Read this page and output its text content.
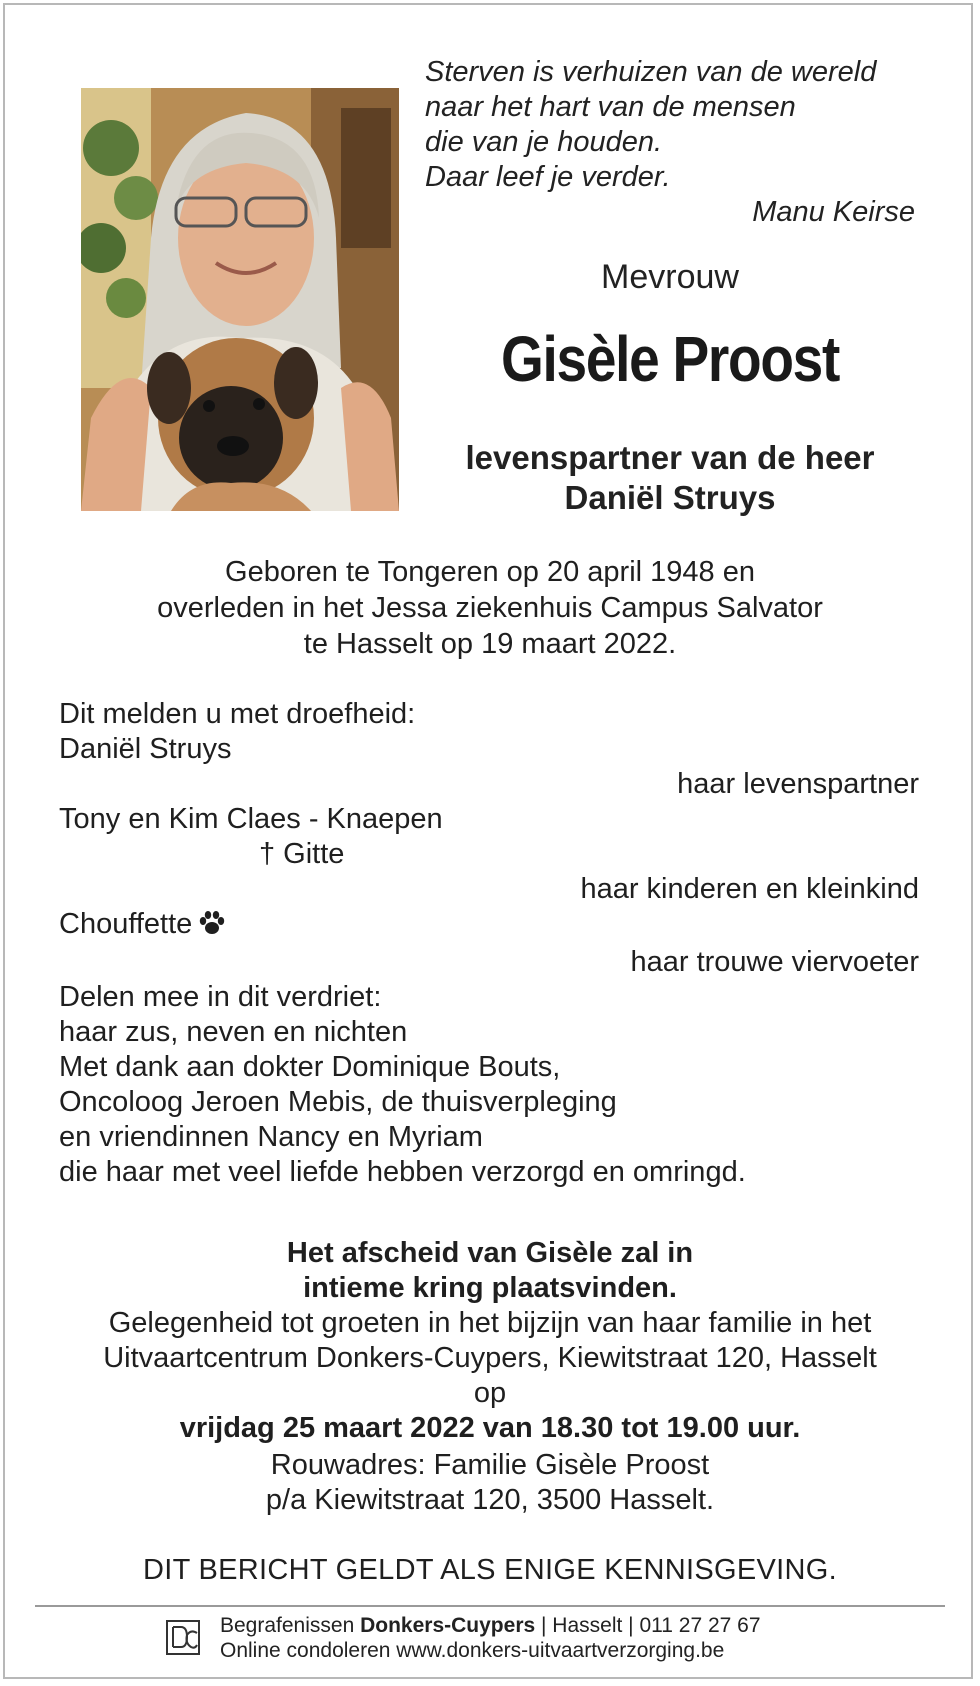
Sterven is verhuizen van de wereld
naar het hart van de mensen
die van je houden.
Daar leef je verder.
Manu Keirse
Mevrouw
Gisèle Proost
levenspartner van de heer
Daniël Struys
Geboren te Tongeren op 20 april 1948 en
overleden in het Jessa ziekenhuis Campus Salvator
te Hasselt op 19 maart 2022.
Dit melden u met droefheid:
Daniël Struys
haar levenspartner
Tony en Kim Claes - Knaepen
† Gitte
haar kinderen en kleinkind
Chouffette
haar trouwe viervoeter
Delen mee in dit verdriet:
haar zus, neven en nichten
Met dank aan dokter Dominique Bouts,
Oncoloog Jeroen Mebis, de thuisverpleging
en vriendinnen Nancy en Myriam
die haar met veel liefde hebben verzorgd en omringd.
Het afscheid van Gisèle zal in
intieme kring plaatsvinden.
Gelegenheid tot groeten in het bijzijn van haar familie in het
Uitvaartcentrum Donkers-Cuypers, Kiewitstraat 120, Hasselt
op
vrijdag 25 maart 2022 van 18.30 tot 19.00 uur.
Rouwadres: Familie Gisèle Proost
p/a Kiewitstraat 120, 3500 Hasselt.
DIT BERICHT GELDT ALS ENIGE KENNISGEVING.
Begrafenissen Donkers-Cuypers | Hasselt | 011 27 27 67
Online condoleren www.donkers-uitvaartverzorging.be
